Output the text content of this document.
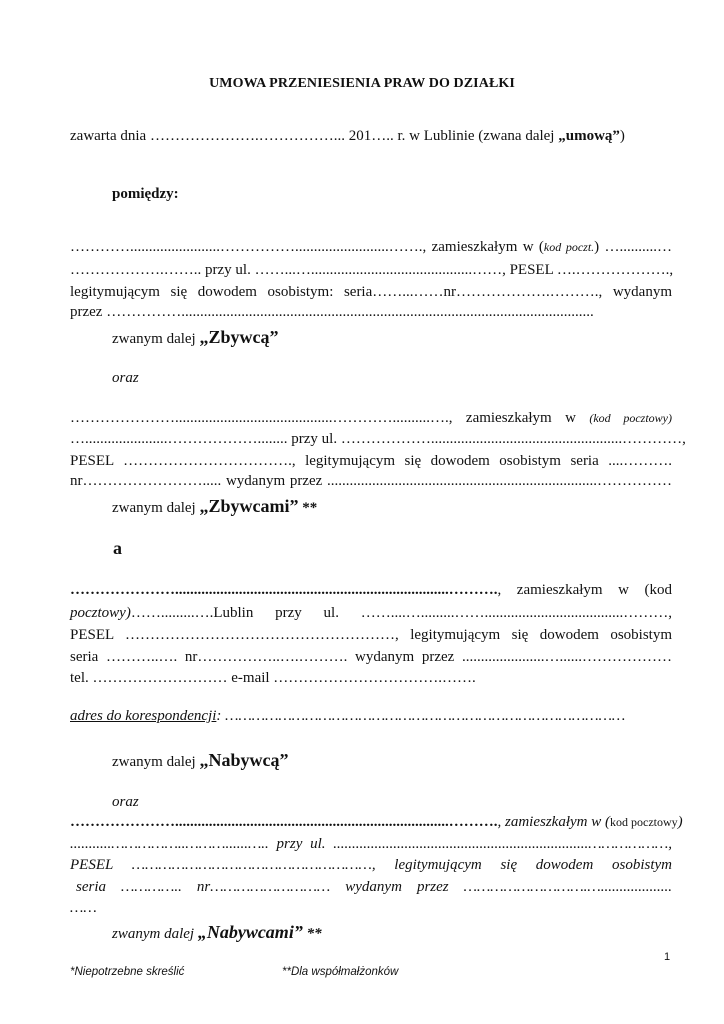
UMOWA PRZENIESIENIA PRAW DO DZIAŁKI
zawarta dnia ………………….……………... 201….. r. w Lublinie (zwana dalej „umową”)
pomiędzy:
…………........................…………….........................……., zamieszkałym w (kod poczt.) …..........…
……………….…….. przy ul. ……...…...........................................……, PESEL ….……………….,
legitymującym się dowodem osobistym: seria……...……nr……………….………., wydanym
przez ……………..............................................................................................................
zwanym dalej „Zbywcą”
oraz
…………………..........................................…………..........…., zamieszkałym w (kod pocztowy)
…......................………………........ przy ul. ………………...................................................…………,
PESEL ……………………………., legitymującym się dowodem osobistym seria ....……….
nr……………………..... wydanym przez ........................................................................……………
zwanym dalej „Zbywcami” **
a
………………….........................................................................………., zamieszkałym w (kod
pocztowy)…….........….Lublin przy ul. ……....….........…….....................................………,
PESEL ………………………………………………, legitymującym się dowodem osobistym
seria ………..…. nr……………..….………. wydanym przez ......................…......………………
tel. ……………………… e-mail …………………………….…….
adres do korespondencji: ………………………………………………………………………………
zwanym dalej „Nabywcą”
oraz
………………….........................................................................………., zamieszkałym w (kod pocztowy)
...........……………..………......….. przy ul. ....................................................................………………,
PESEL ………………………………………………, legitymującym się dowodem osobistym
seria ………….. nr……………………… wydanym przez ……………………….…...................
……
zwanym dalej „Nabywcami” **
1
*Niepotrzebne skreślić	**Dla współmałżonków
